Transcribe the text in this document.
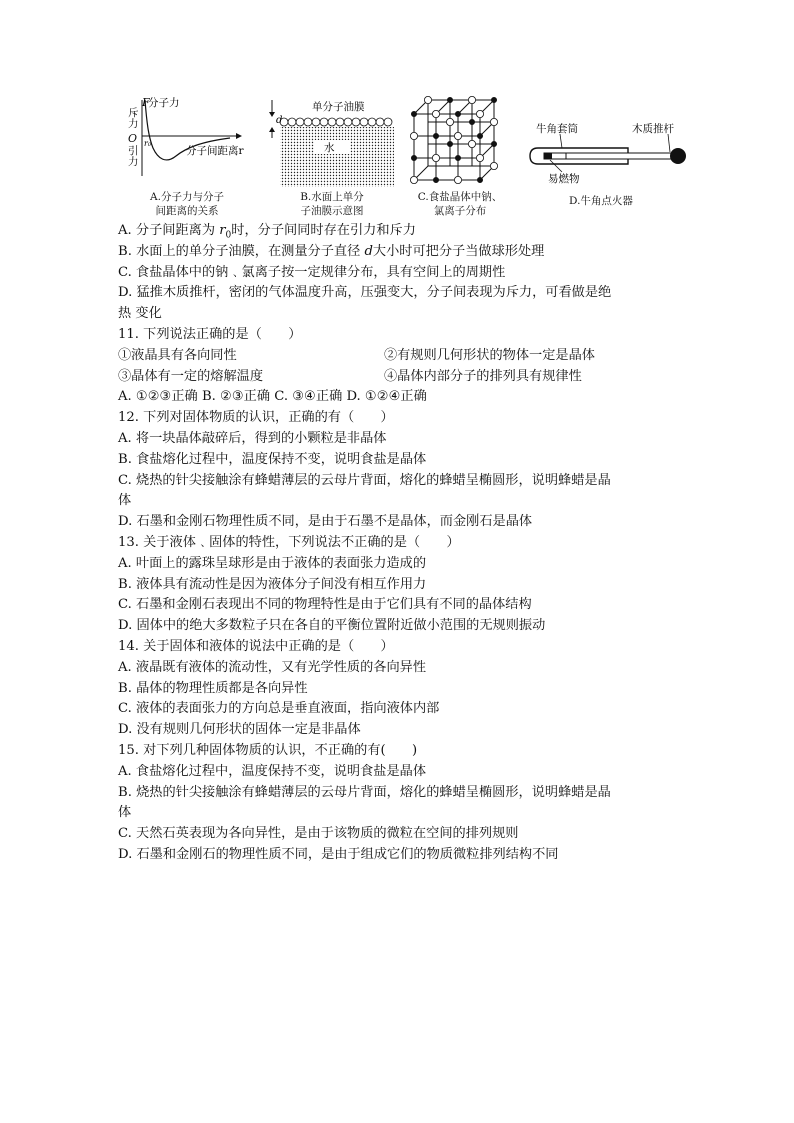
F
分子力
r₀
分子间距离r
斥力
O
引力
A.分子力与分子
间距离的关系
d
单分子油膜
水
B.水面上单分
子油膜示意图
C.食盐晶体中钠、
氯离子分布
牛角套筒	木质推杆
易燃物
D.牛角点火器
A. 分子间距离为 $r_0$时，分子间同时存在引力和斥力
B. 水面上的单分子油膜，在测量分子直径 d大小时可把分子当做球形处理
C. 食盐晶体中的钠﹑氯离子按一定规律分布，具有空间上的周期性
D. 猛推木质推杆，密闭的气体温度升高，压强变大，分子间表现为斥力，可看做是绝
热 变化
11. 下列说法正确的是（　　）
①液晶具有各向同性	②有规则几何形状的物体一定是晶体
③晶体有一定的熔解温度	④晶体内部分子的排列具有规律性
A. ①②③正确 B. ②③正确 C. ③④正确 D. ①②④正确
12. 下列对固体物质的认识，正确的有（　　）
A. 将一块晶体敲碎后，得到的小颗粒是非晶体
B. 食盐熔化过程中，温度保持不变，说明食盐是晶体
C. 烧热的针尖接触涂有蜂蜡薄层的云母片背面，熔化的蜂蜡呈椭圆形，说明蜂蜡是晶
体
D. 石墨和金刚石物理性质不同，是由于石墨不是晶体，而金刚石是晶体
13. 关于液体﹑固体的特性，下列说法不正确的是（　　）
A. 叶面上的露珠呈球形是由于液体的表面张力造成的
B. 液体具有流动性是因为液体分子间没有相互作用力
C. 石墨和金刚石表现出不同的物理特性是由于它们具有不同的晶体结构
D. 固体中的绝大多数粒子只在各自的平衡位置附近做小范围的无规则振动
14. 关于固体和液体的说法中正确的是（　　）
A. 液晶既有液体的流动性，又有光学性质的各向异性
B. 晶体的物理性质都是各向异性
C. 液体的表面张力的方向总是垂直液面，指向液体内部
D. 没有规则几何形状的固体一定是非晶体
15. 对下列几种固体物质的认识，不正确的有(　　)
A. 食盐熔化过程中，温度保持不变，说明食盐是晶体
B. 烧热的针尖接触涂有蜂蜡薄层的云母片背面，熔化的蜂蜡呈椭圆形，说明蜂蜡是晶
体
C. 天然石英表现为各向异性，是由于该物质的微粒在空间的排列规则
D. 石墨和金刚石的物理性质不同，是由于组成它们的物质微粒排列结构不同
